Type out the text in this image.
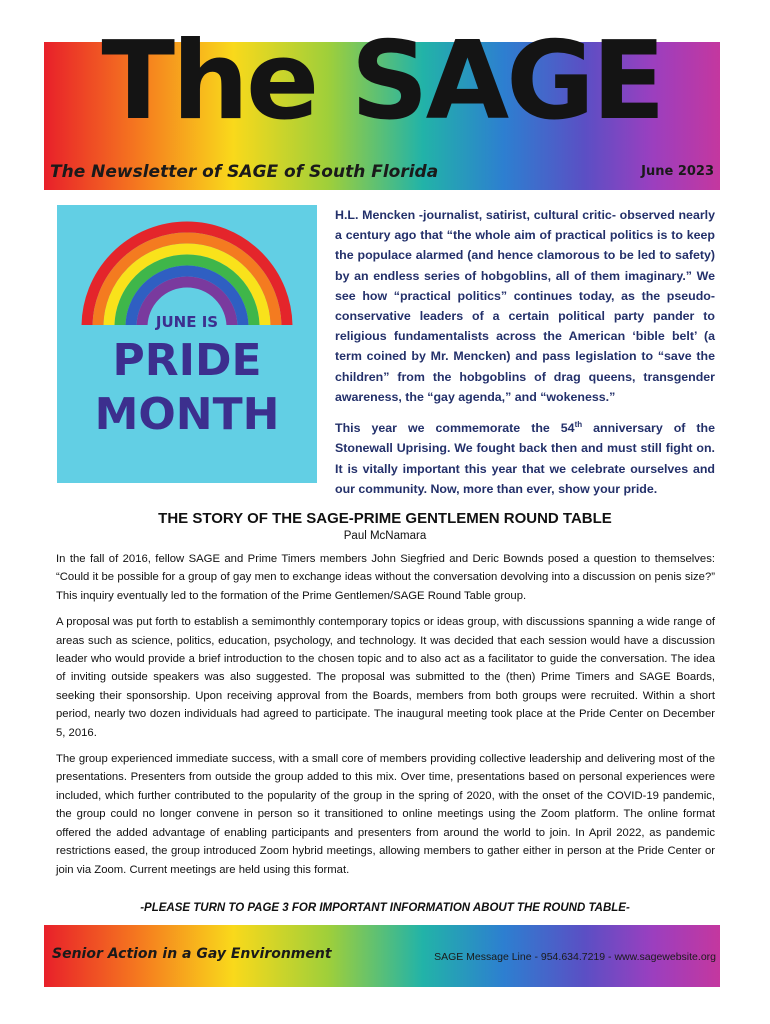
The SAGE
The Newsletter of SAGE of South Florida	June 2023
JUNE IS
PRIDE
MONTH

H.L. Mencken -journalist, satirist, cultural critic- observed nearly a century ago that “the whole aim of practical politics is to keep the populace alarmed (and hence clamorous to be led to safety) by an endless series of hobgoblins, all of them imaginary.” We see how “practical politics” continues today, as the pseudo-conservative leaders of a certain political party pander to religious fundamentalists across the American ‘bible belt’ (a term coined by Mr. Mencken) and pass legislation to “save the children” from the hobgoblins of drag queens, transgender awareness, the “gay agenda,” and “wokeness.”

This year we commemorate the 54th anniversary of the Stonewall Uprising. We fought back then and must still fight on. It is vitally important this year that we celebrate ourselves and our community. Now, more than ever, show your pride.

THE STORY OF THE SAGE-PRIME GENTLEMEN ROUND TABLE
Paul McNamara

In the fall of 2016, fellow SAGE and Prime Timers members John Siegfried and Deric Bownds posed a question to themselves: “Could it be possible for a group of gay men to exchange ideas without the conversation devolving into a discussion on penis size?” This inquiry eventually led to the formation of the Prime Gentlemen/SAGE Round Table group.

A proposal was put forth to establish a semimonthly contemporary topics or ideas group, with discussions spanning a wide range of areas such as science, politics, education, psychology, and technology. It was decided that each session would have a discussion leader who would provide a brief introduction to the chosen topic and to also act as a facilitator to guide the conversation. The idea of inviting outside speakers was also suggested. The proposal was submitted to the (then) Prime Timers and SAGE Boards, seeking their sponsorship. Upon receiving approval from the Boards, members from both groups were recruited. Within a short period, nearly two dozen individuals had agreed to participate. The inaugural meeting took place at the Pride Center on December 5, 2016.

The group experienced immediate success, with a small core of members providing collective leadership and delivering most of the presentations. Presenters from outside the group added to this mix. Over time, presentations based on personal experiences were included, which further contributed to the popularity of the group in the spring of 2020, with the onset of the COVID-19 pandemic, the group could no longer convene in person so it transitioned to online meetings using the Zoom platform. The online format offered the added advantage of enabling participants and presenters from around the world to join. In April 2022, as pandemic restrictions eased, the group introduced Zoom hybrid meetings, allowing members to gather either in person at the Pride Center or join via Zoom. Current meetings are held using this format.

-PLEASE TURN TO PAGE 3 FOR IMPORTANT INFORMATION ABOUT THE ROUND TABLE-
Senior Action in a Gay Environment	SAGE Message Line - 954.634.7219 - www.sagewebsite.org
